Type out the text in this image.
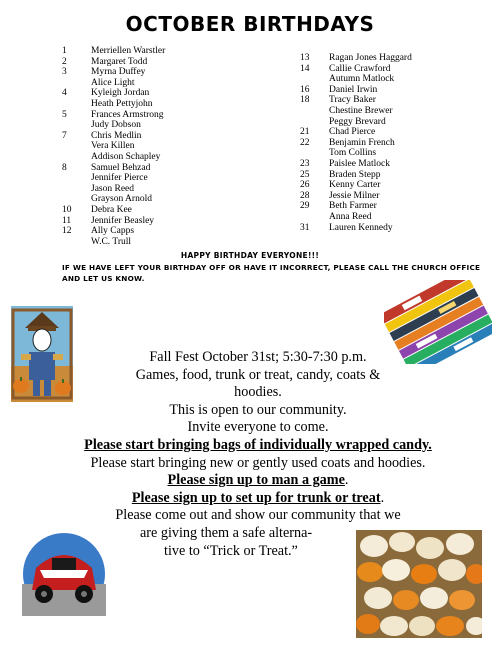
OCTOBER BIRTHDAYS
1	Merriellen Warstler
2	Margaret Todd
3	Myrna Duffey
Alice Light
4	Kyleigh Jordan
Heath Pettyjohn
5	Frances Armstrong
Judy Dobson
7	Chris Medlin
Vera Killen
Addison Schapley
8	Samuel Behzad
Jennifer Pierce
Jason Reed
Grayson Arnold
10	Debra Kee
11	Jennifer Beasley
12	Ally Capps
W.C. Trull
13	Ragan Jones Haggard
14	Callie Crawford
Autumn Matlock
16	Daniel Irwin
18	Tracy Baker
Chestine Brewer
Peggy Brevard
21	Chad Pierce
22	Benjamin French
Tom Collins
23	Paislee Matlock
25	Braden Stepp
26	Kenny Carter
28	Jessie Milner
29	Beth Farmer
Anna Reed
31	Lauren Kennedy
HAPPY BIRTHDAY EVERYONE!!!
IF WE HAVE LEFT YOUR BIRTHDAY OFF OR HAVE IT INCORRECT, PLEASE CALL THE CHURCH OFFICE
AND LET US KNOW.
Fall Fest October 31st; 5:30-7:30 p.m.
Games, food, trunk or treat, candy, coats &
hoodies.
This is open to our community.
Invite everyone to come.
Please start bringing bags of individually wrapped candy.
Please start bringing new or gently used coats and hoodies.
Please sign up to man a game.
Please sign up to set up for trunk or treat.
Please come out and show our community that we
are giving them a safe alterna-
tive to “Trick or Treat.”
